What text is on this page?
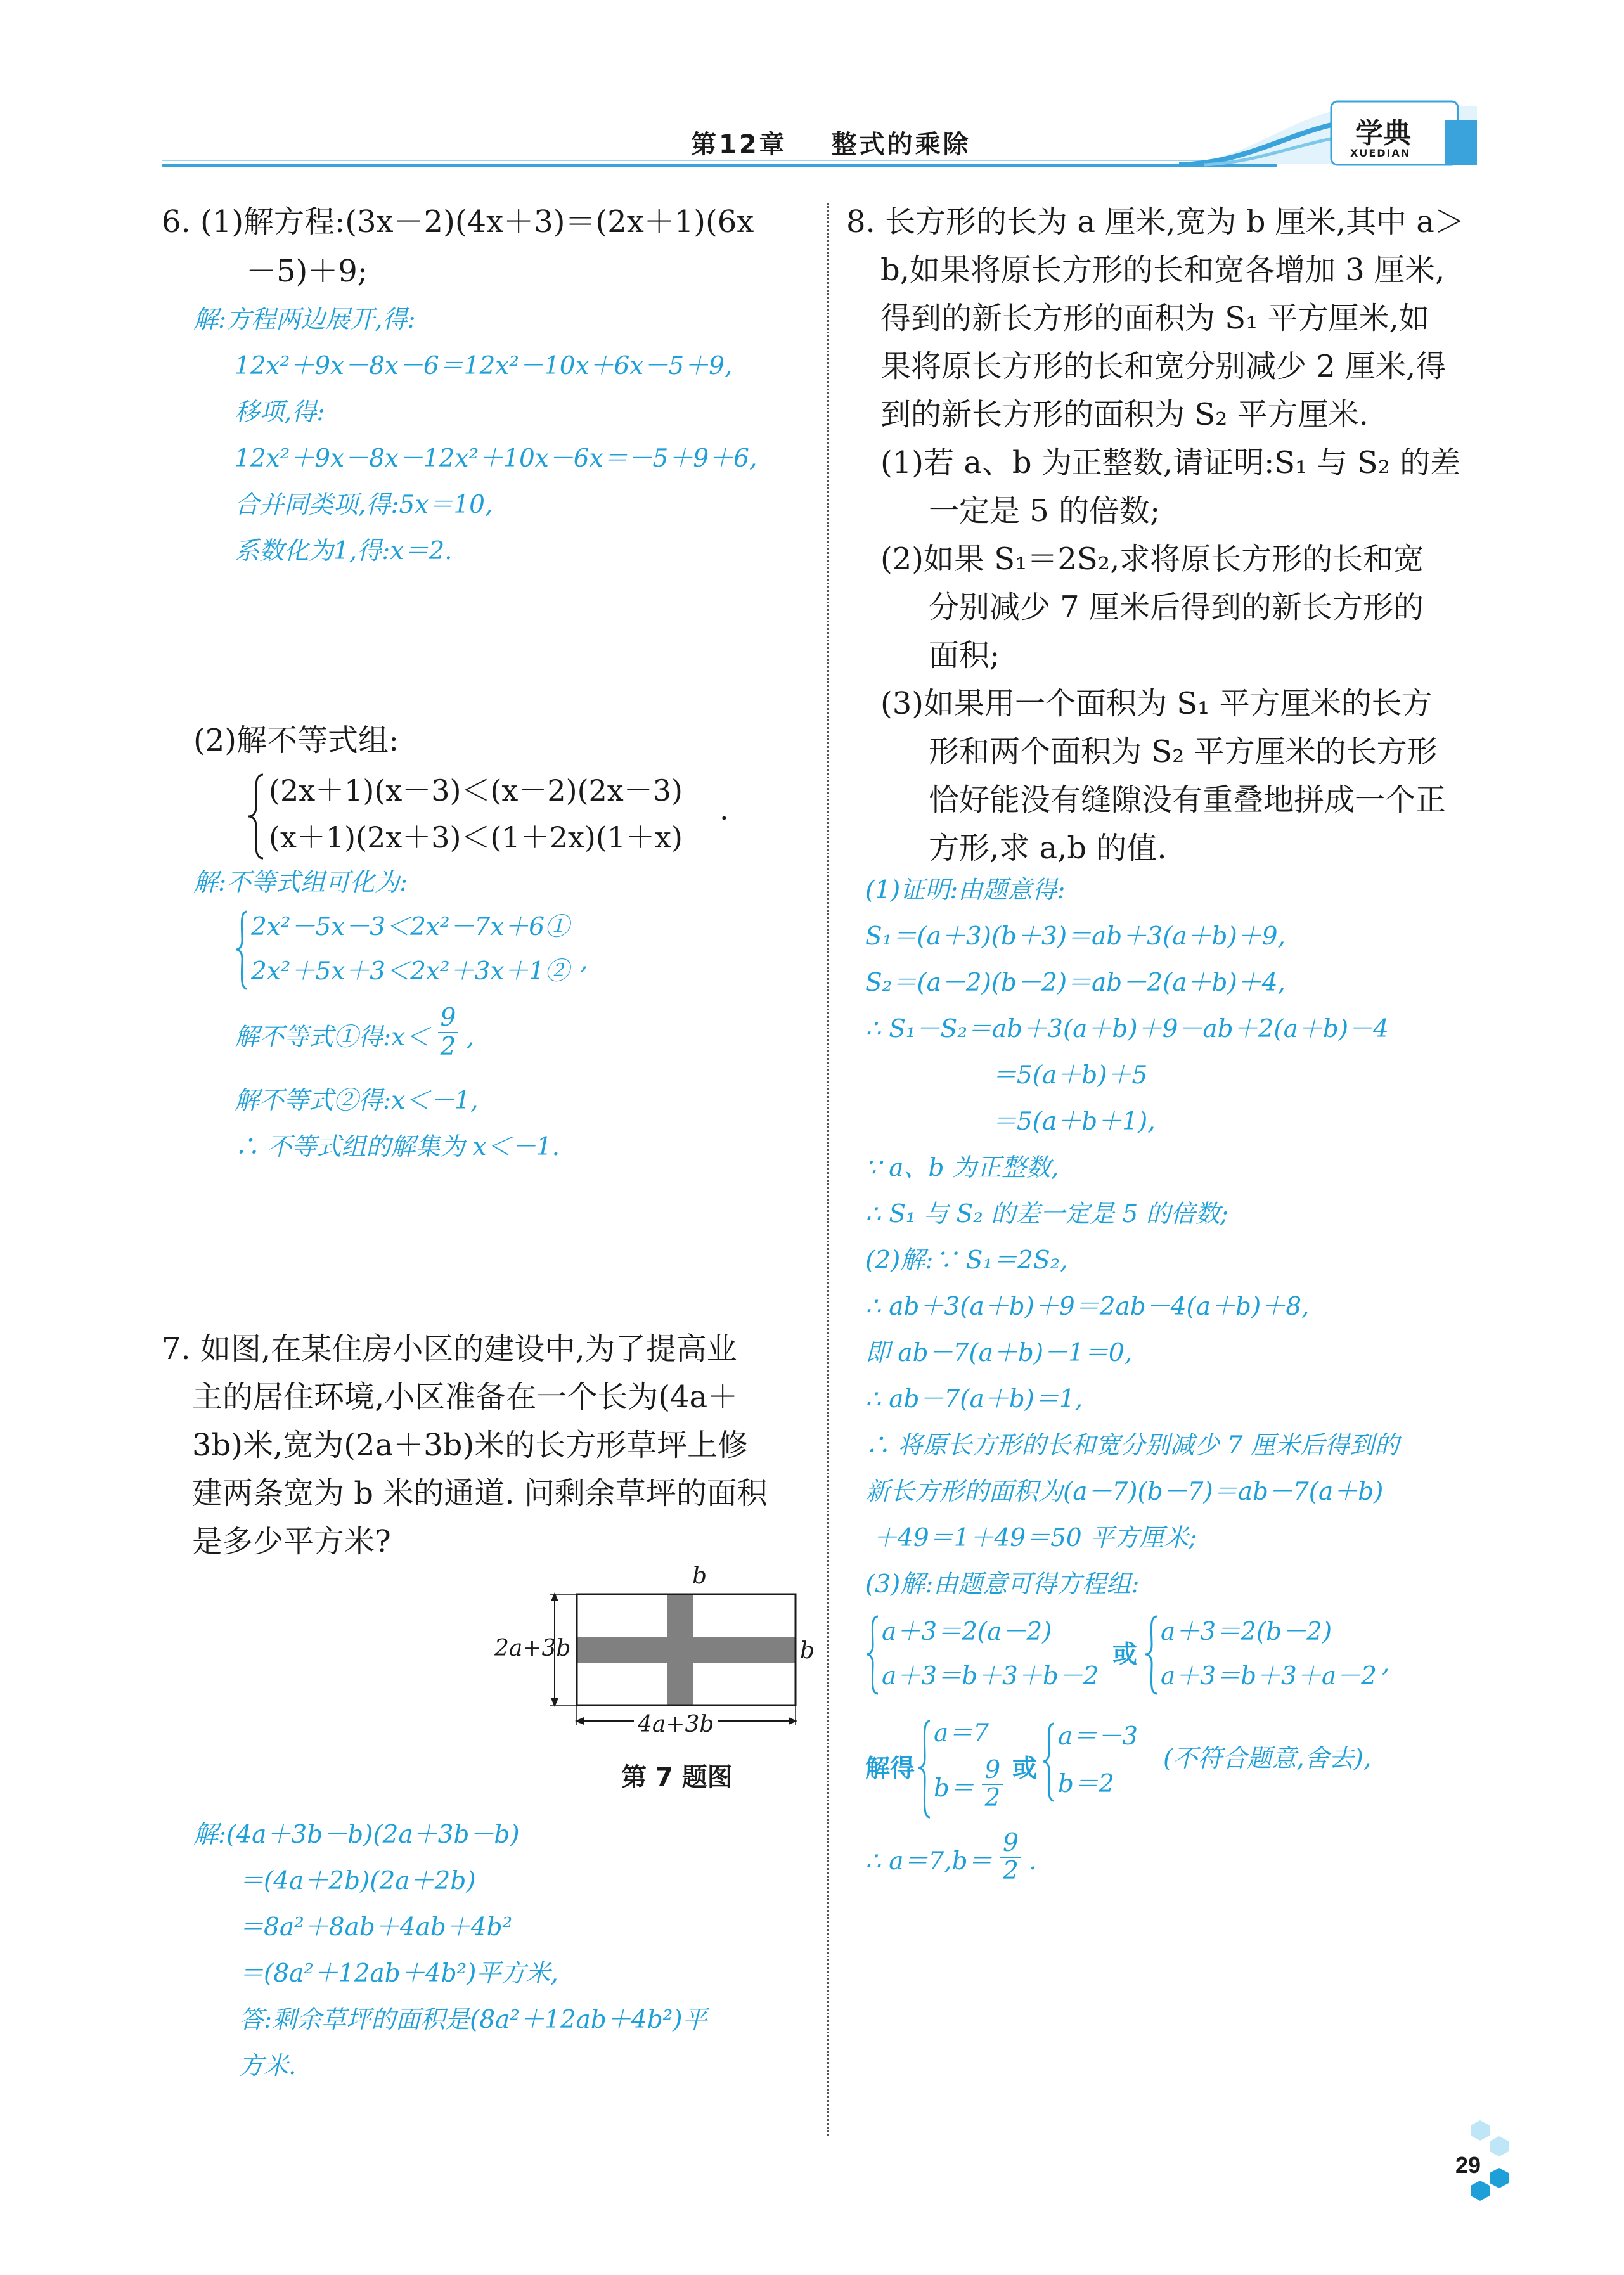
第12章 整式的乘除	学典
XUEDIAN
6. (1)解方程:(3x－2)(4x＋3)＝(2x＋1)(6x
－5)＋9;
解:方程两边展开,得:
12x²＋9x－8x－6＝12x²－10x＋6x－5＋9,
移项,得:
12x²＋9x－8x－12x²＋10x－6x＝－5＋9＋6,
合并同类项,得:5x＝10,
系数化为1,得:x＝2.
(2)解不等式组:
(2x＋1)(x－3)＜(x－2)(2x－3)
(x＋1)(2x＋3)＜(1＋2x)(1＋x)
.
解:不等式组可化为:
2x²－5x－3＜2x²－7x＋6①
2x²＋5x＋3＜2x²＋3x＋1② ,
解不等式①得:x＜ $\frac{9}{2}$ ,
解不等式②得:x＜－1,
∴ 不等式组的解集为 x＜－1.
7. 如图,在某住房小区的建设中,为了提高业
主的居住环境,小区准备在一个长为(4a＋
3b)米,宽为(2a＋3b)米的长方形草坪上修
建两条宽为 b 米的通道. 问剩余草坪的面积
是多少平方米?
2a+3b
b
b
4a+3b
第 7 题图
解:(4a＋3b－b)(2a＋3b－b)
＝(4a＋2b)(2a＋2b)
＝8a²＋8ab＋4ab＋4b²
＝(8a²＋12ab＋4b²)平方米,
答:剩余草坪的面积是(8a²＋12ab＋4b²)平
方米.
8. 长方形的长为 a 厘米,宽为 b 厘米,其中 a＞
b,如果将原长方形的长和宽各增加 3 厘米,
得到的新长方形的面积为 S₁ 平方厘米,如
果将原长方形的长和宽分别减少 2 厘米,得
到的新长方形的面积为 S₂ 平方厘米.
(1)若 a、b 为正整数,请证明:S₁ 与 S₂ 的差
一定是 5 的倍数;
(2)如果 S₁＝2S₂,求将原长方形的长和宽
分别减少 7 厘米后得到的新长方形的
面积;
(3)如果用一个面积为 S₁ 平方厘米的长方
形和两个面积为 S₂ 平方厘米的长方形
恰好能没有缝隙没有重叠地拼成一个正
方形,求 a,b 的值.
(1)证明:由题意得:
S₁＝(a＋3)(b＋3)＝ab＋3(a＋b)＋9,
S₂＝(a－2)(b－2)＝ab－2(a＋b)＋4,
∴ S₁－S₂＝ab＋3(a＋b)＋9－ab＋2(a＋b)－4
＝5(a＋b)＋5
＝5(a＋b＋1),
∵ a、b 为正整数,
∴ S₁ 与 S₂ 的差一定是 5 的倍数;
(2)解:∵ S₁＝2S₂,
∴ ab＋3(a＋b)＋9＝2ab－4(a＋b)＋8,
即 ab－7(a＋b)－1＝0,
∴ ab－7(a＋b)＝1,
∴ 将原长方形的长和宽分别减少 7 厘米后得到的
新长方形的面积为(a－7)(b－7)＝ab－7(a＋b)
＋49＝1＋49＝50 平方厘米;
(3)解:由题意可得方程组:
a＋3＝2(a－2)
a＋3＝b＋3＋b－2
或
a＋3＝2(b－2)
a＋3＝b＋3＋a－2 ,
解得
a＝7
$b= \frac{9}{2}$ 或
a＝－3
b＝2
(不符合题意,舍去),
∴ $a=7,b= \frac{9}{2}$ .
29
